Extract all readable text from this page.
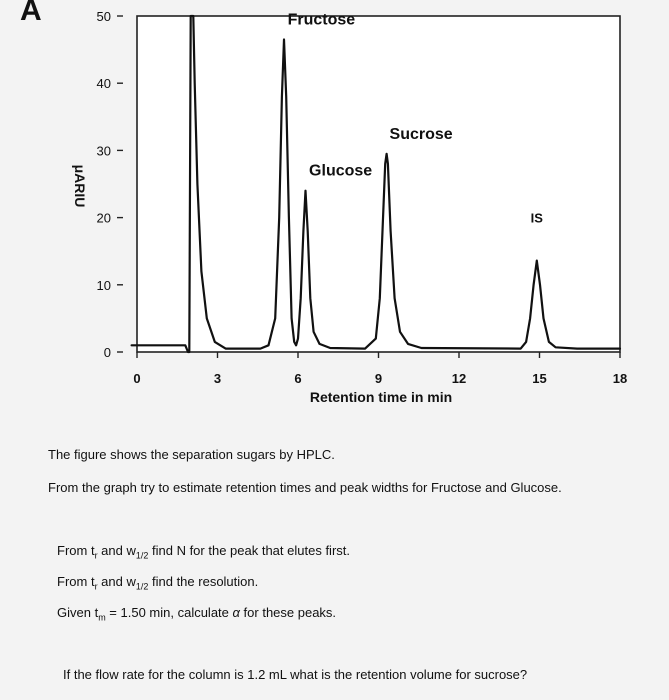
A
0
10
20
30
40
50
0	3	6	9	12	15	18
Fructose
Glucose
Sucrose
IS
Retention time in min
μARIU
The figure shows the separation sugars by HPLC.
From the graph try to estimate retention times and peak widths for Fructose and Glucose.
From $t_r$ and $w_{1/2}$ find N for the peak that elutes first.
From $t_r$ and $w_{1/2}$ find the resolution.
Given $t_m = 1.50$ min, calculate α for these peaks.
If the flow rate for the column is 1.2 mL what is the retention volume for sucrose?
